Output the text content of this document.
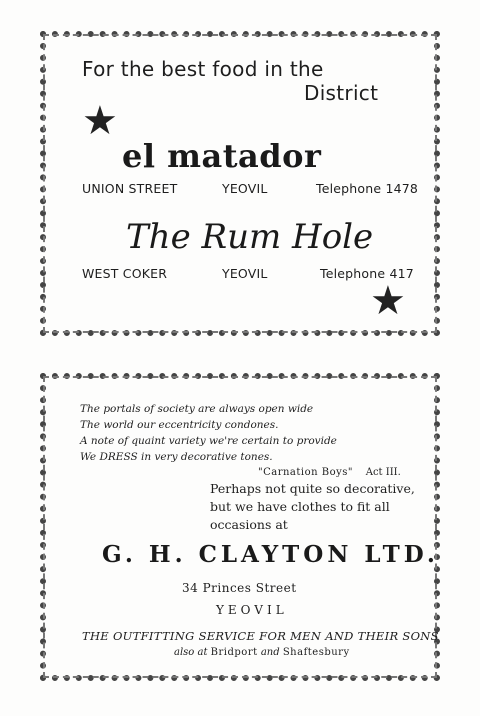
For the best food in the
District
★
el matador
UNION STREET	YEOVIL	Telephone 1478
The Rum Hole
WEST COKER	YEOVIL	Telephone 417
★
The portals of society are always open wide
The world our eccentricity condones.
A note of quaint variety we're certain to provide
We DRESS in very decorative tones.
"Carnation Boys" Act III.
Perhaps not quite so decorative,
but we have clothes to fit all
occasions at
G. H. CLAYTON LTD.
34 Princes Street
YEOVIL
THE OUTFITTING SERVICE FOR MEN AND THEIR SONS
also at Bridport and Shaftesbury
